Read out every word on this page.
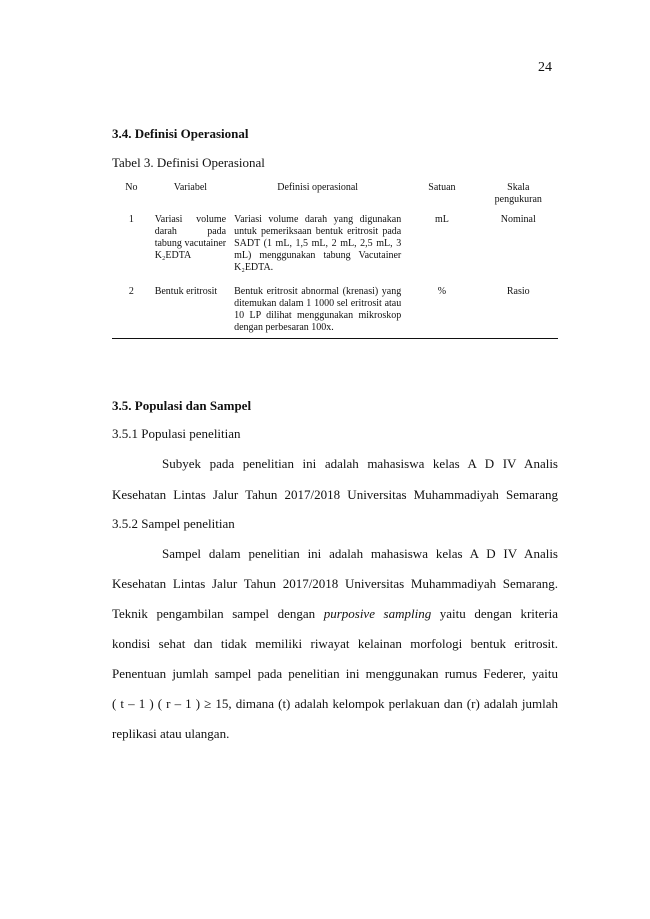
24
3.4. Definisi Operasional
Tabel 3. Definisi Operasional
No	Variabel	Definisi operasional	Satuan	Skala pengukuran
1	Variasi volume darah pada tabung vacutainer K₂EDTA	Variasi volume darah yang digunakan untuk pemeriksaan bentuk eritrosit pada SADT (1 mL, 1,5 mL, 2 mL, 2,5 mL, 3 mL) menggunakan tabung Vacutainer K₂EDTA.	mL	Nominal
2	Bentuk eritrosit	Bentuk eritrosit abnormal (krenasi) yang ditemukan dalam 1 1000 sel eritrosit atau 10 LP dilihat menggunakan mikroskop dengan perbesaran 100x.	%	Rasio
3.5. Populasi dan Sampel
3.5.1 Populasi penelitian
Subyek pada penelitian ini adalah mahasiswa kelas A D IV Analis
Kesehatan Lintas Jalur Tahun 2017/2018 Universitas Muhammadiyah Semarang
3.5.2 Sampel penelitian
Sampel dalam penelitian ini adalah mahasiswa kelas A D IV Analis
Kesehatan Lintas Jalur Tahun 2017/2018 Universitas Muhammadiyah Semarang.
Teknik pengambilan sampel dengan purposive sampling yaitu dengan kriteria
kondisi sehat dan tidak memiliki riwayat kelainan morfologi bentuk eritrosit.
Penentuan jumlah sampel pada penelitian ini menggunakan rumus Federer, yaitu
( t – 1 ) ( r – 1 ) ≥ 15, dimana (t) adalah kelompok perlakuan dan (r) adalah jumlah
replikasi atau ulangan.
